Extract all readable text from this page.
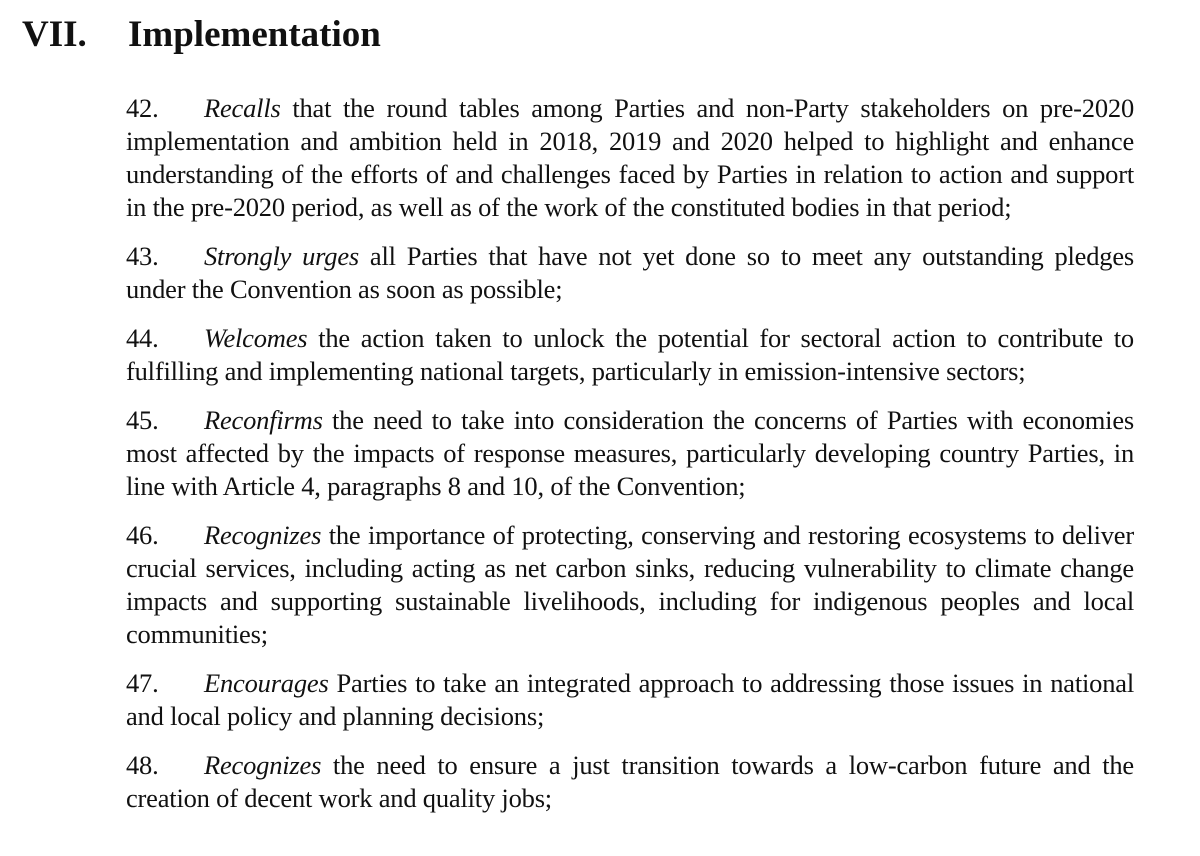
VII. Implementation

42. Recalls that the round tables among Parties and non-Party stakeholders on pre-2020 implementation and ambition held in 2018, 2019 and 2020 helped to highlight and enhance understanding of the efforts of and challenges faced by Parties in relation to action and support in the pre-2020 period, as well as of the work of the constituted bodies in that period;

43. Strongly urges all Parties that have not yet done so to meet any outstanding pledges under the Convention as soon as possible;

44. Welcomes the action taken to unlock the potential for sectoral action to contribute to fulfilling and implementing national targets, particularly in emission-intensive sectors;

45. Reconfirms the need to take into consideration the concerns of Parties with economies most affected by the impacts of response measures, particularly developing country Parties, in line with Article 4, paragraphs 8 and 10, of the Convention;

46. Recognizes the importance of protecting, conserving and restoring ecosystems to deliver crucial services, including acting as net carbon sinks, reducing vulnerability to climate change impacts and supporting sustainable livelihoods, including for indigenous peoples and local communities;

47. Encourages Parties to take an integrated approach to addressing those issues in national and local policy and planning decisions;

48. Recognizes the need to ensure a just transition towards a low-carbon future and the creation of decent work and quality jobs;
